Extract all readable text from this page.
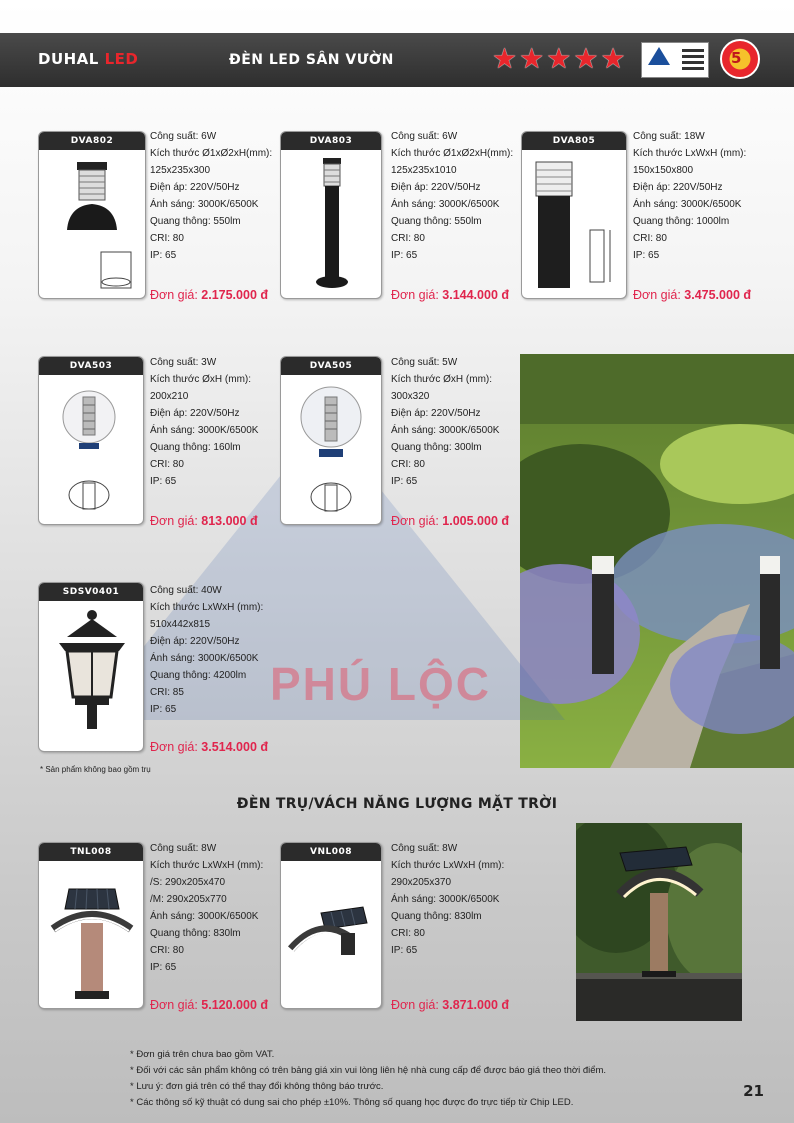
DUHAL LED	ĐÈN LED SÂN VƯỜN	★ ★ ★ ★ ★	5
DVA802	Công suất: 6W
Kích thước Ø1xØ2xH(mm):
125x235x300
Điện áp: 220V/50Hz
Ánh sáng: 3000K/6500K
Quang thông: 550lm
CRI: 80
IP: 65
Đơn giá: 2.175.000 đ
DVA803	Công suất: 6W
Kích thước Ø1xØ2xH(mm):
125x235x1010
Điện áp: 220V/50Hz
Ánh sáng: 3000K/6500K
Quang thông: 550lm
CRI: 80
IP: 65
Đơn giá: 3.144.000 đ
DVA805	Công suất: 18W
Kích thước LxWxH (mm):
150x150x800
Điện áp: 220V/50Hz
Ánh sáng: 3000K/6500K
Quang thông: 1000lm
CRI: 80
IP: 65
Đơn giá: 3.475.000 đ
DVA503	Công suất: 3W
Kích thước ØxH (mm):
200x210
Điện áp: 220V/50Hz
Ánh sáng: 3000K/6500K
Quang thông: 160lm
CRI: 80
IP: 65
Đơn giá: 813.000 đ
DVA505	Công suất: 5W
Kích thước ØxH (mm):
300x320
Điện áp: 220V/50Hz
Ánh sáng: 3000K/6500K
Quang thông: 300lm
CRI: 80
IP: 65
Đơn giá: 1.005.000 đ
SDSV0401	Công suất: 40W
Kích thước LxWxH (mm):
510x442x815
Điện áp: 220V/50Hz
Ánh sáng: 3000K/6500K
Quang thông: 4200lm
CRI: 85
IP: 65
Đơn giá: 3.514.000 đ
PHÚ LỘC
* Sản phẩm không bao gồm trụ
ĐÈN TRỤ/VÁCH NĂNG LƯỢNG MẶT TRỜI
TNL008	Công suất: 8W
Kích thước LxWxH (mm):
/S: 290x205x470
/M: 290x205x770
Ánh sáng: 3000K/6500K
Quang thông: 830lm
CRI: 80
IP: 65
Đơn giá: 5.120.000 đ
VNL008	Công suất: 8W
Kích thước LxWxH (mm):
290x205x370
Ánh sáng: 3000K/6500K
Quang thông: 830lm
CRI: 80
IP: 65
Đơn giá: 3.871.000 đ
* Đơn giá trên chưa bao gồm VAT.
* Đối với các sản phẩm không có trên bảng giá xin vui lòng liên hệ nhà cung cấp để được báo giá theo thời điểm.
* Lưu ý: đơn giá trên có thể thay đổi không thông báo trước.
* Các thông số kỹ thuật có dung sai cho phép ±10%. Thông số quang học được đo trực tiếp từ Chip LED.
21
